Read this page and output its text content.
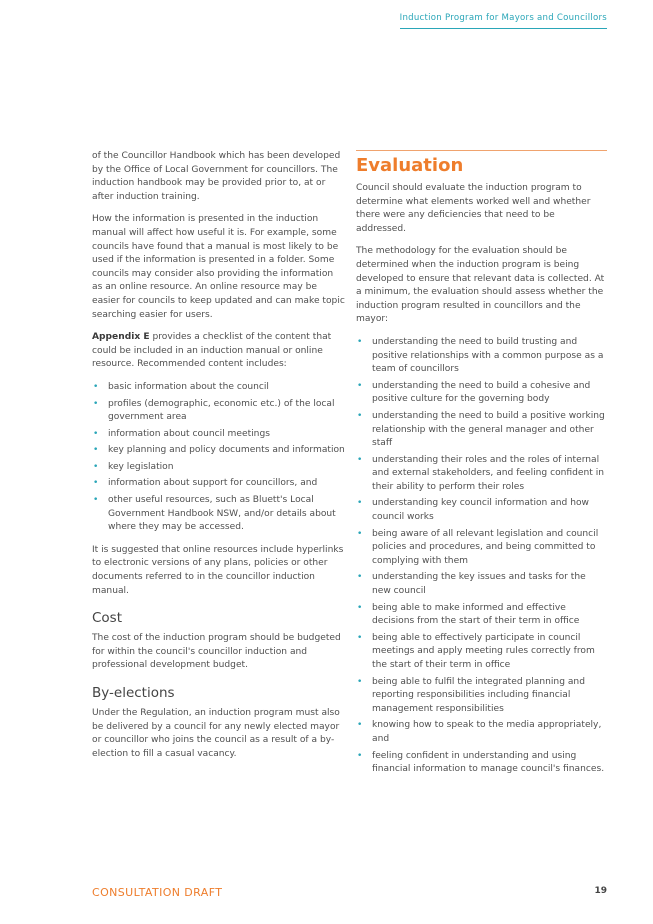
Induction Program for Mayors and Councillors

of the Councillor Handbook which has been developed by the Office of Local Government for councillors. The induction handbook may be provided prior to, at or after induction training.

How the information is presented in the induction manual will affect how useful it is. For example, some councils have found that a manual is most likely to be used if the information is presented in a folder. Some councils may consider also providing the information as an online resource. An online resource may be easier for councils to keep updated and can make topic searching easier for users.

Appendix E provides a checklist of the content that could be included in an induction manual or online resource. Recommended content includes:

• basic information about the council
• profiles (demographic, economic etc.) of the local government area
• information about council meetings
• key planning and policy documents and information
• key legislation
• information about support for councillors, and
• other useful resources, such as Bluett's Local Government Handbook NSW, and/or details about where they may be accessed.

It is suggested that online resources include hyperlinks to electronic versions of any plans, policies or other documents referred to in the councillor induction manual.

Cost

The cost of the induction program should be budgeted for within the council's councillor induction and professional development budget.

By-elections

Under the Regulation, an induction program must also be delivered by a council for any newly elected mayor or councillor who joins the council as a result of a by-election to fill a casual vacancy.

Evaluation

Council should evaluate the induction program to determine what elements worked well and whether there were any deficiencies that need to be addressed.

The methodology for the evaluation should be determined when the induction program is being developed to ensure that relevant data is collected. At a minimum, the evaluation should assess whether the induction program resulted in councillors and the mayor:

• understanding the need to build trusting and positive relationships with a common purpose as a team of councillors
• understanding the need to build a cohesive and positive culture for the governing body
• understanding the need to build a positive working relationship with the general manager and other staff
• understanding their roles and the roles of internal and external stakeholders, and feeling confident in their ability to perform their roles
• understanding key council information and how council works
• being aware of all relevant legislation and council policies and procedures, and being committed to complying with them
• understanding the key issues and tasks for the new council
• being able to make informed and effective decisions from the start of their term in office
• being able to effectively participate in council meetings and apply meeting rules correctly from the start of their term in office
• being able to fulfil the integrated planning and reporting responsibilities including financial management responsibilities
• knowing how to speak to the media appropriately, and
• feeling confident in understanding and using financial information to manage council's finances.
CONSULTATION DRAFT	19
